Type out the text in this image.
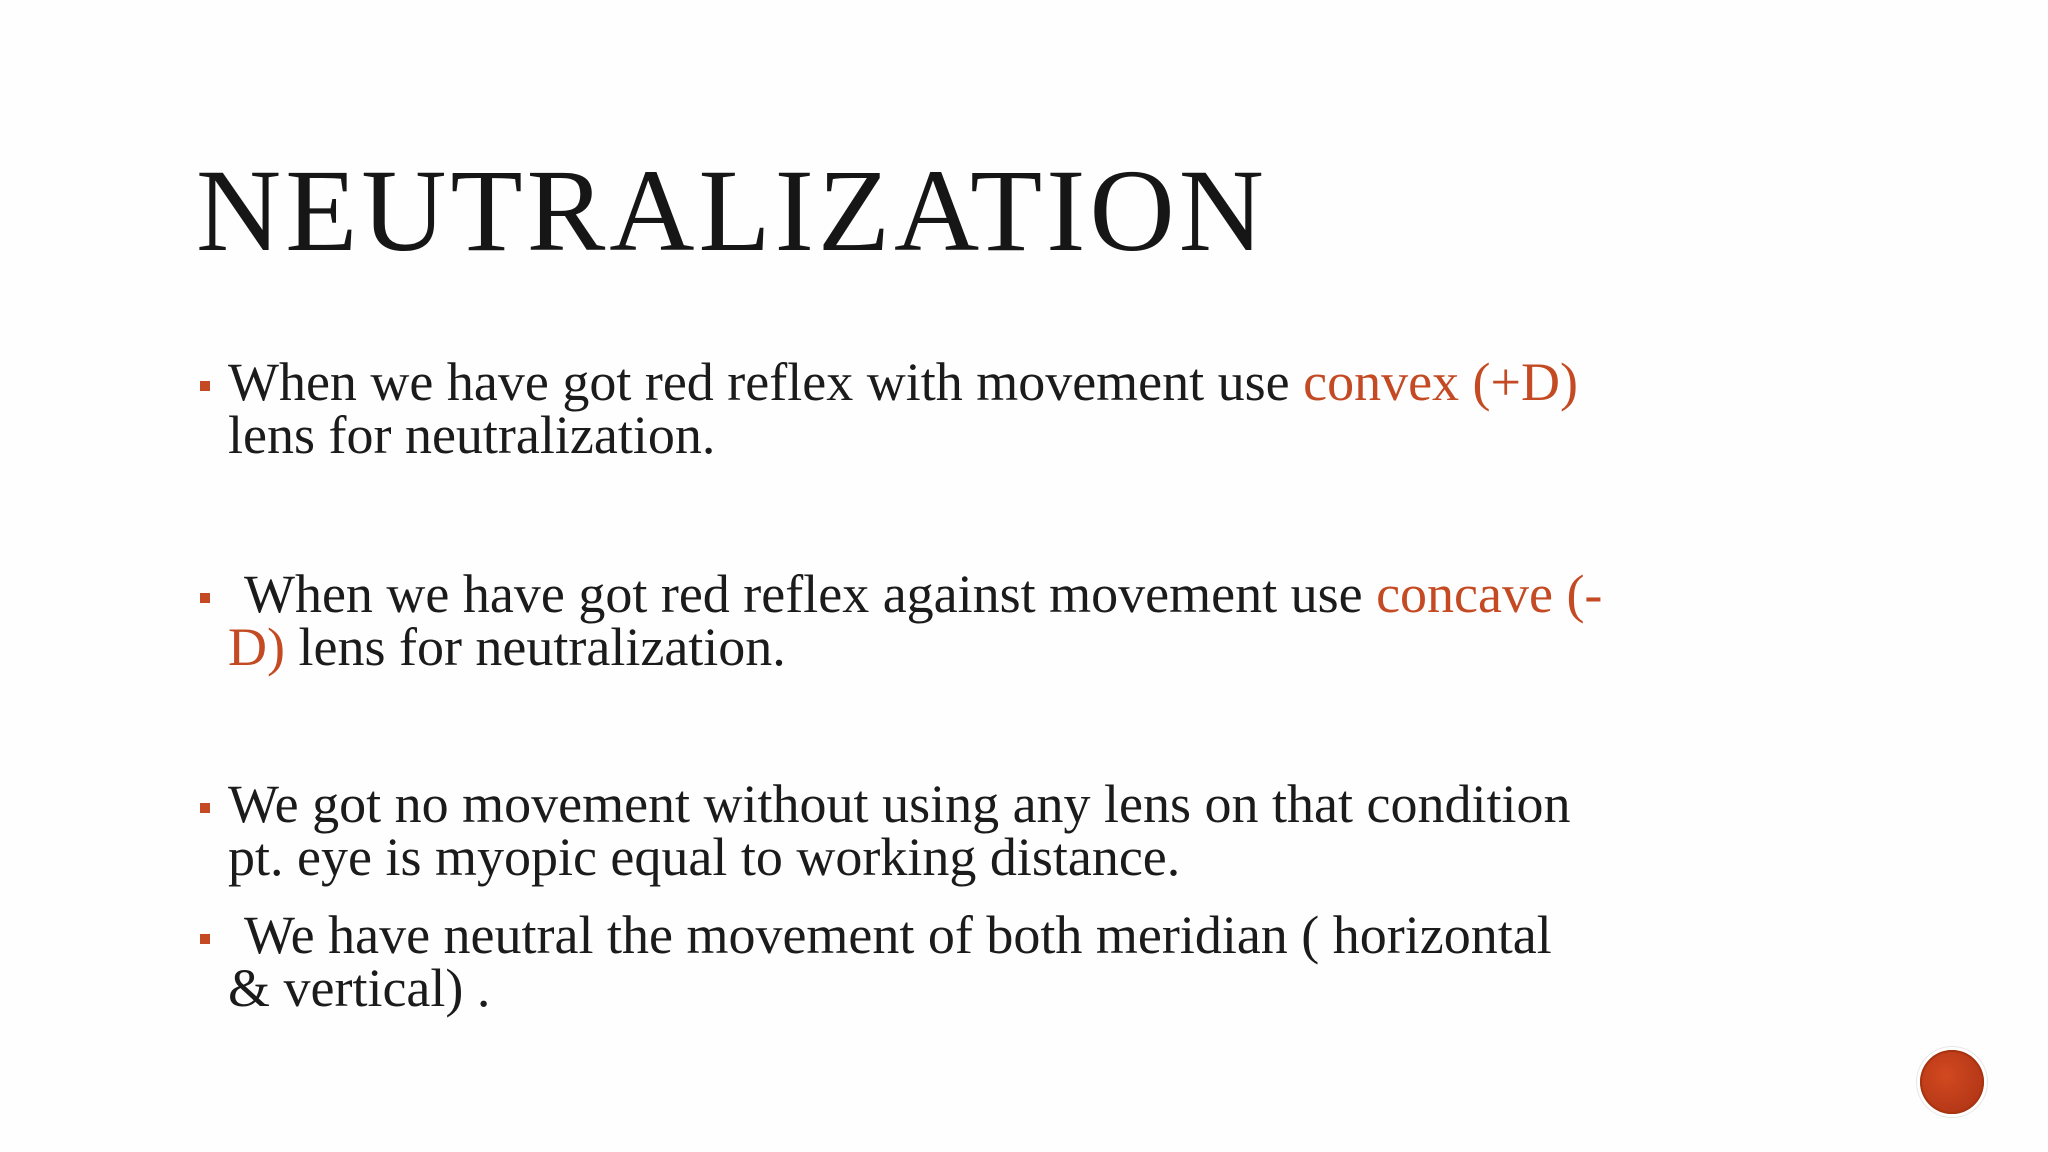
NEUTRALIZATION
When we have got red reflex with movement use convex (+D)
lens for neutralization.
When we have got red reflex against movement use concave (-
D) lens for neutralization.
We got no movement without using any lens on that condition
pt. eye is myopic equal to working distance.
We have neutral the movement of both meridian ( horizontal
& vertical) .
